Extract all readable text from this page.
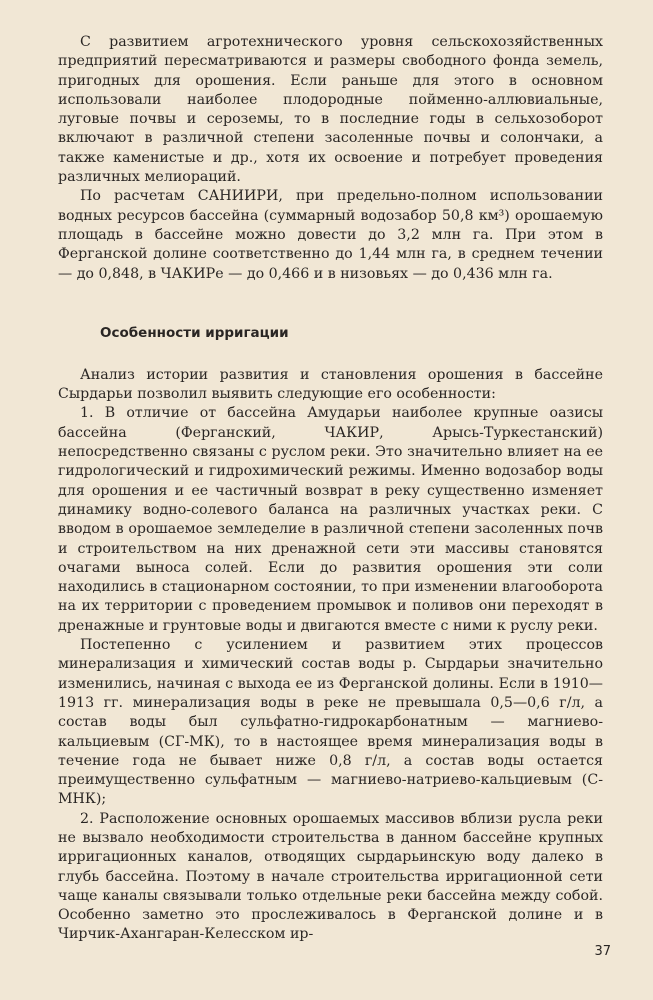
С развитием агротехнического уровня сельскохозяйственных предприятий пересматриваются и размеры свободного фонда земель, пригодных для орошения. Если раньше для этого в основном использовали наиболее плодородные пойменно-аллювиальные, луговые почвы и сероземы, то в последние годы в сельхозоборот включают в различной степени засоленные почвы и солончаки, а также каменистые и др., хотя их освоение и потребует проведения различных мелиораций.

По расчетам САНИИРИ, при предельно-полном использовании водных ресурсов бассейна (суммарный водозабор 50,8 км³) орошаемую площадь в бассейне можно довести до 3,2 млн га. При этом в Ферганской долине соответственно до 1,44 млн га, в среднем течении — до 0,848, в ЧАКИРе — до 0,466 и в низовьях — до 0,436 млн га.

Особенности ирригации

Анализ истории развития и становления орошения в бассейне Сырдарьи позволил выявить следующие его особенности:

1. В отличие от бассейна Амударьи наиболее крупные оазисы бассейна (Ферганский, ЧАКИР, Арысь-Туркестанский) непосредственно связаны с руслом реки. Это значительно влияет на ее гидрологический и гидрохимический режимы. Именно водозабор воды для орошения и ее частичный возврат в реку существенно изменяет динамику водно-солевого баланса на различных участках реки. С вводом в орошаемое земледелие в различной степени засоленных почв и строительством на них дренажной сети эти массивы становятся очагами выноса солей. Если до развития орошения эти соли находились в стационарном состоянии, то при изменении влагооборота на их территории с проведением промывок и поливов они переходят в дренажные и грунтовые воды и двигаются вместе с ними к руслу реки.

Постепенно с усилением и развитием этих процессов минерализация и химический состав воды р. Сырдарьи значительно изменились, начиная с выхода ее из Ферганской долины. Если в 1910—1913 гг. минерализация воды в реке не превышала 0,5—0,6 г/л, а состав воды был сульфатно-гидрокарбонатным — магниево-кальциевым (СГ-МК), то в настоящее время минерализация воды в течение года не бывает ниже 0,8 г/л, а состав воды остается преимущественно сульфатным — магниево-натриево-кальциевым (С-МНК);

2. Расположение основных орошаемых массивов вблизи русла реки не вызвало необходимости строительства в данном бассейне крупных ирригационных каналов, отводящих сырдарьинскую воду далеко в глубь бассейна. Поэтому в начале строительства ирригационной сети чаще каналы связывали только отдельные реки бассейна между собой. Особенно заметно это прослеживалось в Ферганской долине и в Чирчик-Ахангаран-Келесском ир-

37
